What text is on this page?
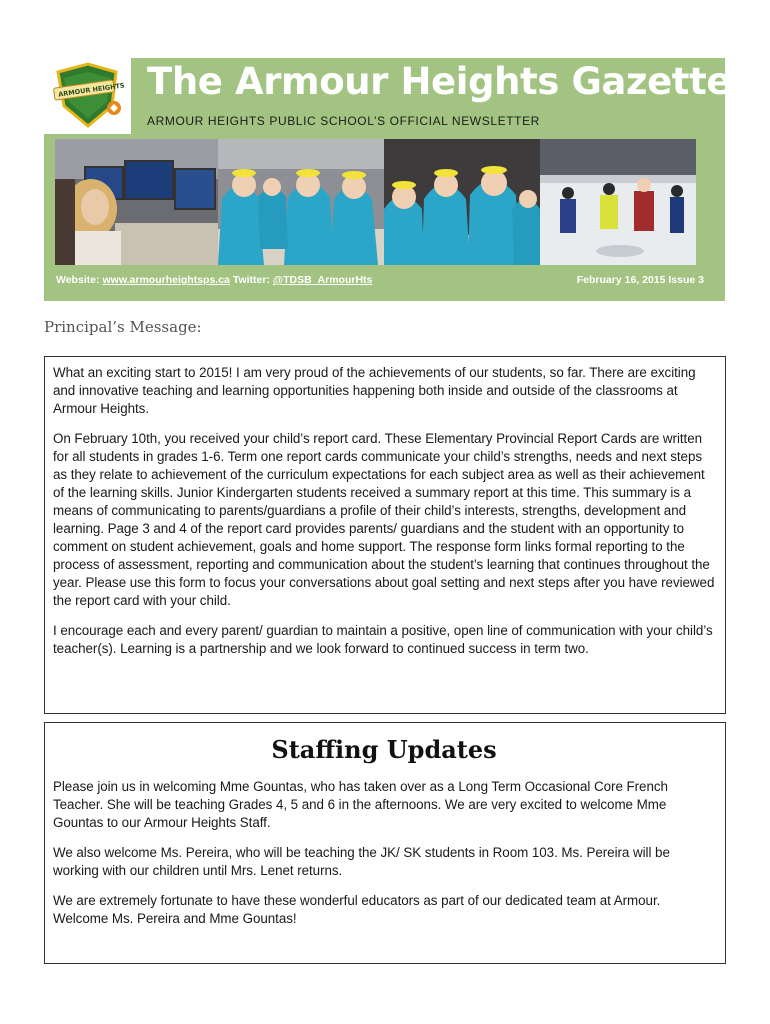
ARMOUR HEIGHTS The Armour Heights Gazette
ARMOUR HEIGHTS PUBLIC SCHOOL’S OFFICIAL NEWSLETTER
Website: www.armourheightsps.ca Twitter: @TDSB_ArmourHts	February 16, 2015 Issue 3
Principal’s Message:

What an exciting start to 2015! I am very proud of the achievements of our students, so far. There are exciting and innovative teaching and learning opportunities happening both inside and outside of the classrooms at Armour Heights.

On February 10th, you received your child’s report card. These Elementary Provincial Report Cards are written for all students in grades 1-6. Term one report cards communicate your child’s strengths, needs and next steps as they relate to achievement of the curriculum expectations for each subject area as well as their achievement of the learning skills. Junior Kindergarten students received a summary report at this time. This summary is a means of communicating to parents/guardians a profile of their child’s interests, strengths, development and learning. Page 3 and 4 of the report card provides parents/ guardians and the student with an opportunity to comment on student achievement, goals and home support. The response form links formal reporting to the process of assessment, reporting and communication about the student’s learning that continues throughout the year. Please use this form to focus your conversations about goal setting and next steps after you have reviewed the report card with your child.

I encourage each and every parent/ guardian to maintain a positive, open line of communication with your child’s teacher(s). Learning is a partnership and we look forward to continued success in term two.

Staffing Updates

Please join us in welcoming Mme Gountas, who has taken over as a Long Term Occasional Core French Teacher. She will be teaching Grades 4, 5 and 6 in the afternoons. We are very excited to welcome Mme Gountas to our Armour Heights Staff.

We also welcome Ms. Pereira, who will be teaching the JK/ SK students in Room 103. Ms. Pereira will be working with our children until Mrs. Lenet returns.

We are extremely fortunate to have these wonderful educators as part of our dedicated team at Armour. Welcome Ms. Pereira and Mme Gountas!
